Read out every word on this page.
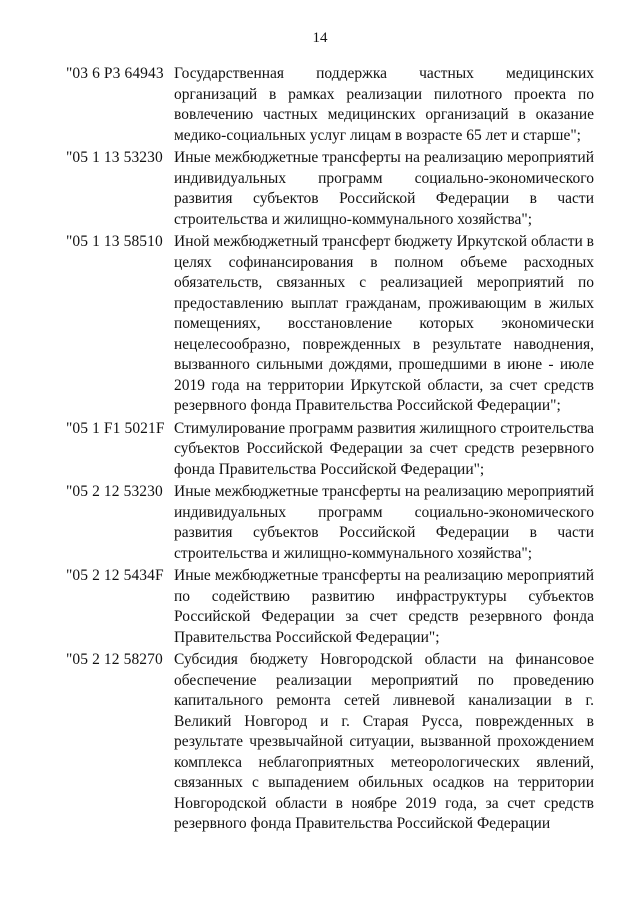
14
"03 6 P3 64943 Государственная поддержка частных медицинских организаций в рамках реализации пилотного проекта по вовлечению частных медицинских организаций в оказание медико-социальных услуг лицам в возрасте 65 лет и старше";
"05 1 13 53230 Иные межбюджетные трансферты на реализацию мероприятий индивидуальных программ социально-экономического развития субъектов Российской Федерации в части строительства и жилищно-коммунального хозяйства";
"05 1 13 58510 Иной межбюджетный трансферт бюджету Иркутской области в целях софинансирования в полном объеме расходных обязательств, связанных с реализацией мероприятий по предоставлению выплат гражданам, проживающим в жилых помещениях, восстановление которых экономически нецелесообразно, поврежденных в результате наводнения, вызванного сильными дождями, прошедшими в июне - июле 2019 года на территории Иркутской области, за счет средств резервного фонда Правительства Российской Федерации";
"05 1 F1 5021F Стимулирование программ развития жилищного строительства субъектов Российской Федерации за счет средств резервного фонда Правительства Российской Федерации";
"05 2 12 53230 Иные межбюджетные трансферты на реализацию мероприятий индивидуальных программ социально-экономического развития субъектов Российской Федерации в части строительства и жилищно-коммунального хозяйства";
"05 2 12 5434F Иные межбюджетные трансферты на реализацию мероприятий по содействию развитию инфраструктуры субъектов Российской Федерации за счет средств резервного фонда Правительства Российской Федерации";
"05 2 12 58270 Субсидия бюджету Новгородской области на финансовое обеспечение реализации мероприятий по проведению капитального ремонта сетей ливневой канализации в г. Великий Новгород и г. Старая Русса, поврежденных в результате чрезвычайной ситуации, вызванной прохождением комплекса неблагоприятных метеорологических явлений, связанных с выпадением обильных осадков на территории Новгородской области в ноябре 2019 года, за счет средств резервного фонда Правительства Российской Федерации
